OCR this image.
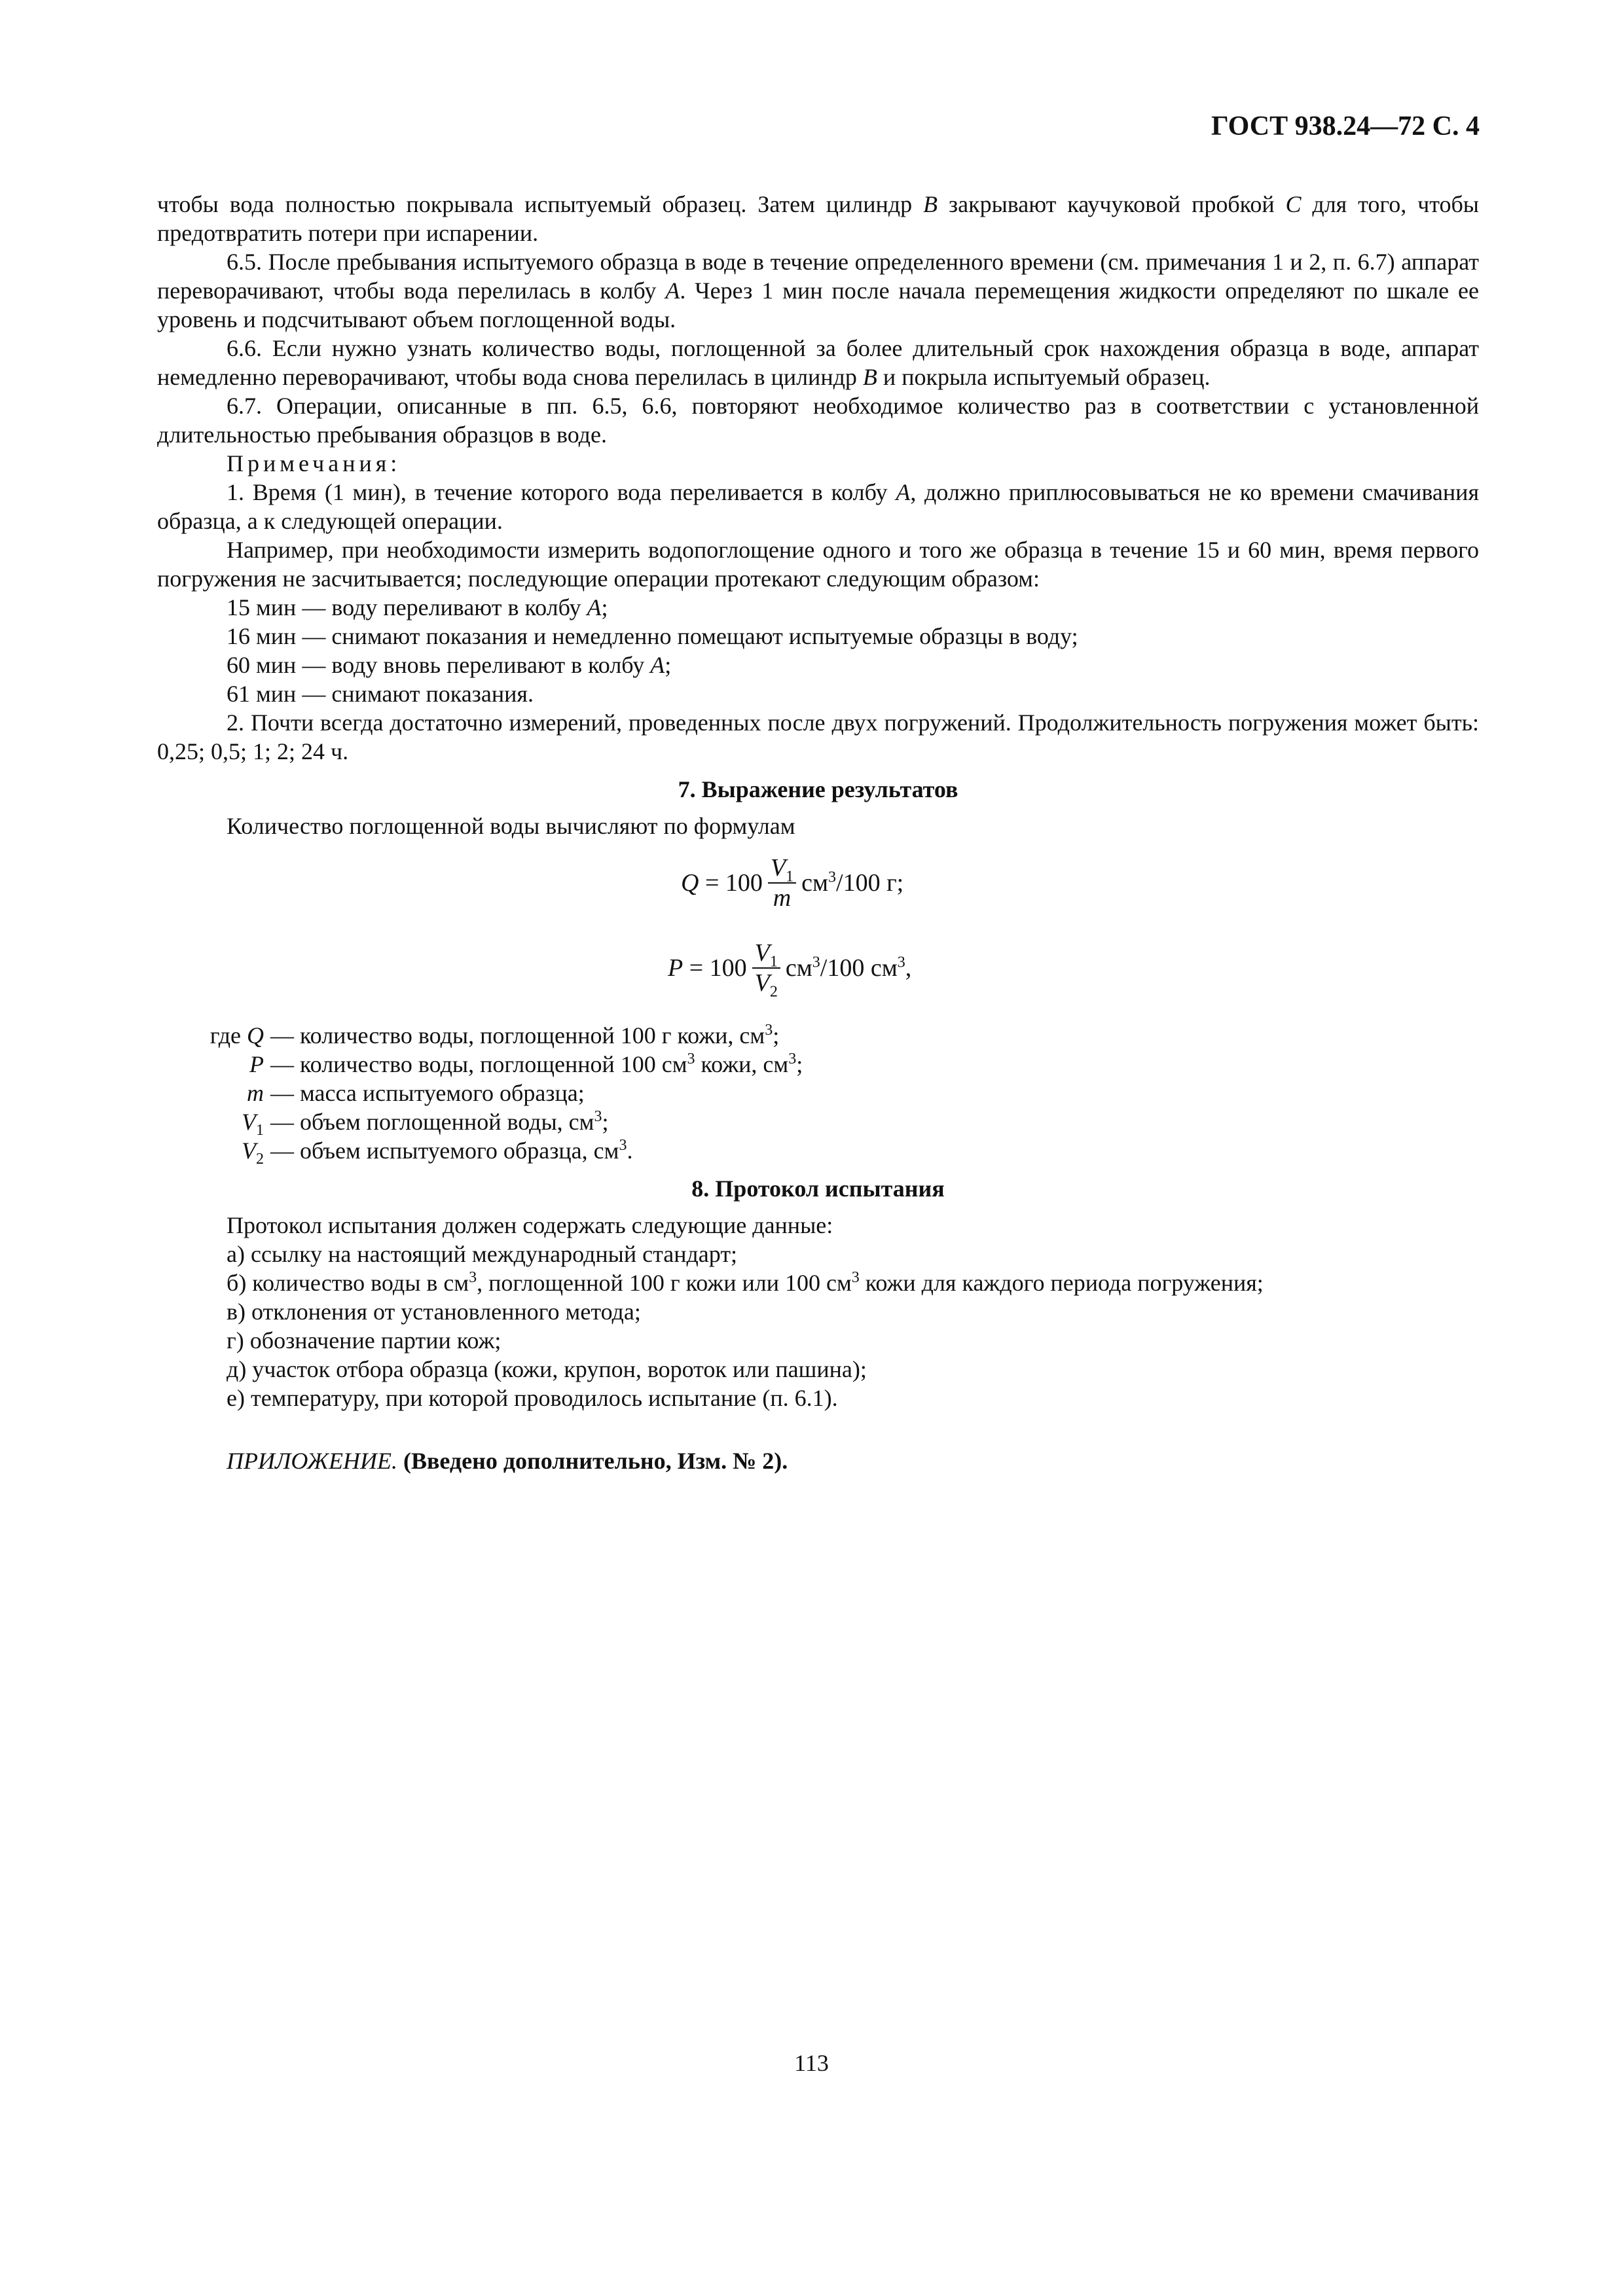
ГОСТ 938.24—72 С. 4

чтобы вода полностью покрывала испытуемый образец. Затем цилиндр B закрывают каучуковой пробкой C для того, чтобы предотвратить потери при испарении.

6.5. После пребывания испытуемого образца в воде в течение определенного времени (см. примечания 1 и 2, п. 6.7) аппарат переворачивают, чтобы вода перелилась в колбу A. Через 1 мин после начала перемещения жидкости определяют по шкале ее уровень и подсчитывают объем поглощенной воды.

6.6. Если нужно узнать количество воды, поглощенной за более длительный срок нахождения образца в воде, аппарат немедленно переворачивают, чтобы вода снова перелилась в цилиндр B и покрыла испытуемый образец.

6.7. Операции, описанные в пп. 6.5, 6.6, повторяют необходимое количество раз в соответствии с установленной длительностью пребывания образцов в воде.

Примечания:

1. Время (1 мин), в течение которого вода переливается в колбу A, должно приплюсовываться не ко времени смачивания образца, а к следующей операции.

Например, при необходимости измерить водопоглощение одного и того же образца в течение 15 и 60 мин, время первого погружения не засчитывается; последующие операции протекают следующим образом:

15 мин — воду переливают в колбу A;

16 мин — снимают показания и немедленно помещают испытуемые образцы в воду;

60 мин — воду вновь переливают в колбу A;

61 мин — снимают показания.

2. Почти всегда достаточно измерений, проведенных после двух погружений. Продолжительность погружения может быть: 0,25; 0,5; 1; 2; 24 ч.

7. Выражение результатов

Количество поглощенной воды вычисляют по формулам

$Q = 100 \frac{V_1}{m} см^3/100$ г;
$P = 100 \frac{V_1}{V_2} см^3/100$ $см^3$,
где Q — количество воды, поглощенной 100 г кожи, $см^3$;
P — количество воды, поглощенной 100 $см^3$ кожи, $см^3$;
m — масса испытуемого образца;
$V_1$ — объем поглощенной воды, $см^3$;
$V_2$ — объем испытуемого образца, $см^3$.
8. Протокол испытания

Протокол испытания должен содержать следующие данные:

а) ссылку на настоящий международный стандарт;

б) количество воды в $см^3$, поглощенной 100 г кожи или 100 $см^3$ кожи для каждого периода погружения;

в) отклонения от установленного метода;

г) обозначение партии кож;

д) участок отбора образца (кожи, крупон, вороток или пашина);

е) температуру, при которой проводилось испытание (п. 6.1).

ПРИЛОЖЕНИЕ. (Введено дополнительно, Изм. № 2).

113
